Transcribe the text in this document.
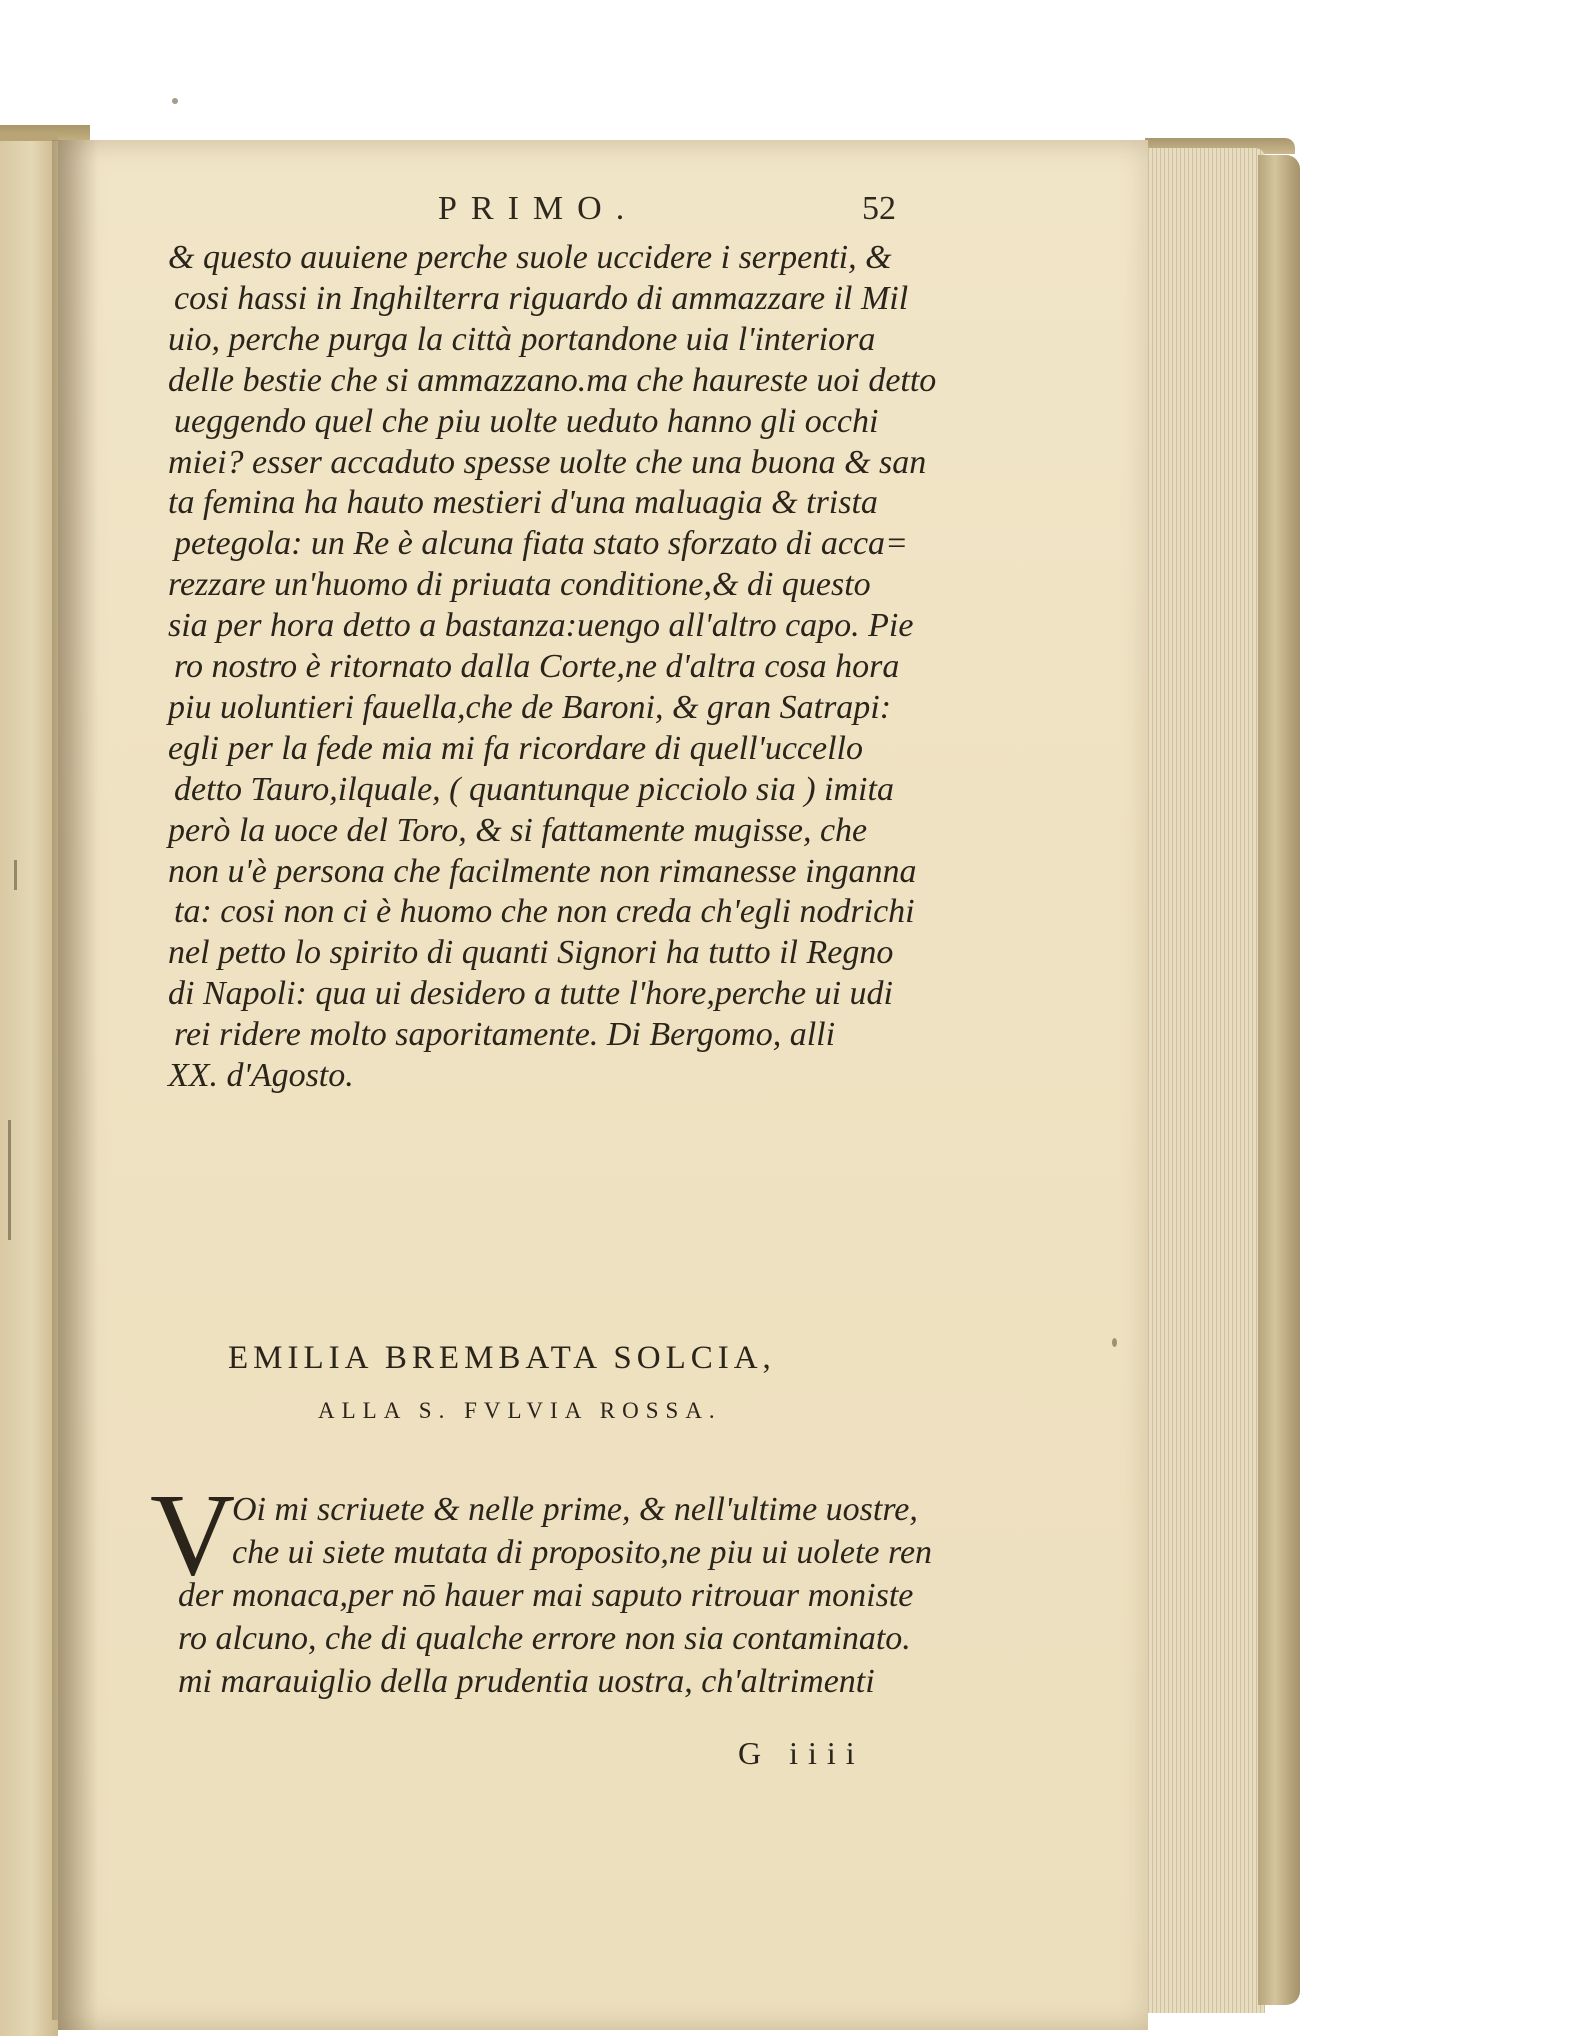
PRIMO.	52
& questo auuiene perche suole uccidere i serpenti, &
cosi hassi in Inghilterra riguardo di ammazzare il Mil
uio, perche purga la città portandone uia l'interiora
delle bestie che si ammazzano.ma che haureste uoi detto
ueggendo quel che piu uolte ueduto hanno gli occhi
miei? esser accaduto spesse uolte che una buona & san
ta femina ha hauto mestieri d'una maluagia & trista
petegola: un Re è alcuna fiata stato sforzato di acca=
rezzare un'huomo di priuata conditione,& di questo
sia per hora detto a bastanza:uengo all'altro capo. Pie
ro nostro è ritornato dalla Corte,ne d'altra cosa hora
piu uoluntieri fauella,che de Baroni, & gran Satrapi:
egli per la fede mia mi fa ricordare di quell'uccello
detto Tauro,ilquale, ( quantunque picciolo sia ) imita
però la uoce del Toro, & si fattamente mugisse, che
non u'è persona che facilmente non rimanesse inganna
ta: cosi non ci è huomo che non creda ch'egli nodrichi
nel petto lo spirito di quanti Signori ha tutto il Regno
di Napoli: qua ui desidero a tutte l'hore,perche ui udi
rei ridere molto saporitamente. Di Bergomo, alli
XX. d'Agosto.
EMILIA BREMBATA SOLCIA,
ALLA S. FVLVIA ROSSA.
V
Oi mi scriuete & nelle prime, & nell'ultime uostre,
che ui siete mutata di proposito,ne piu ui uolete ren
der monaca,per nō hauer mai saputo ritrouar moniste
ro alcuno, che di qualche errore non sia contaminato.
mi marauiglio della prudentia uostra, ch'altrimenti
G iiii
